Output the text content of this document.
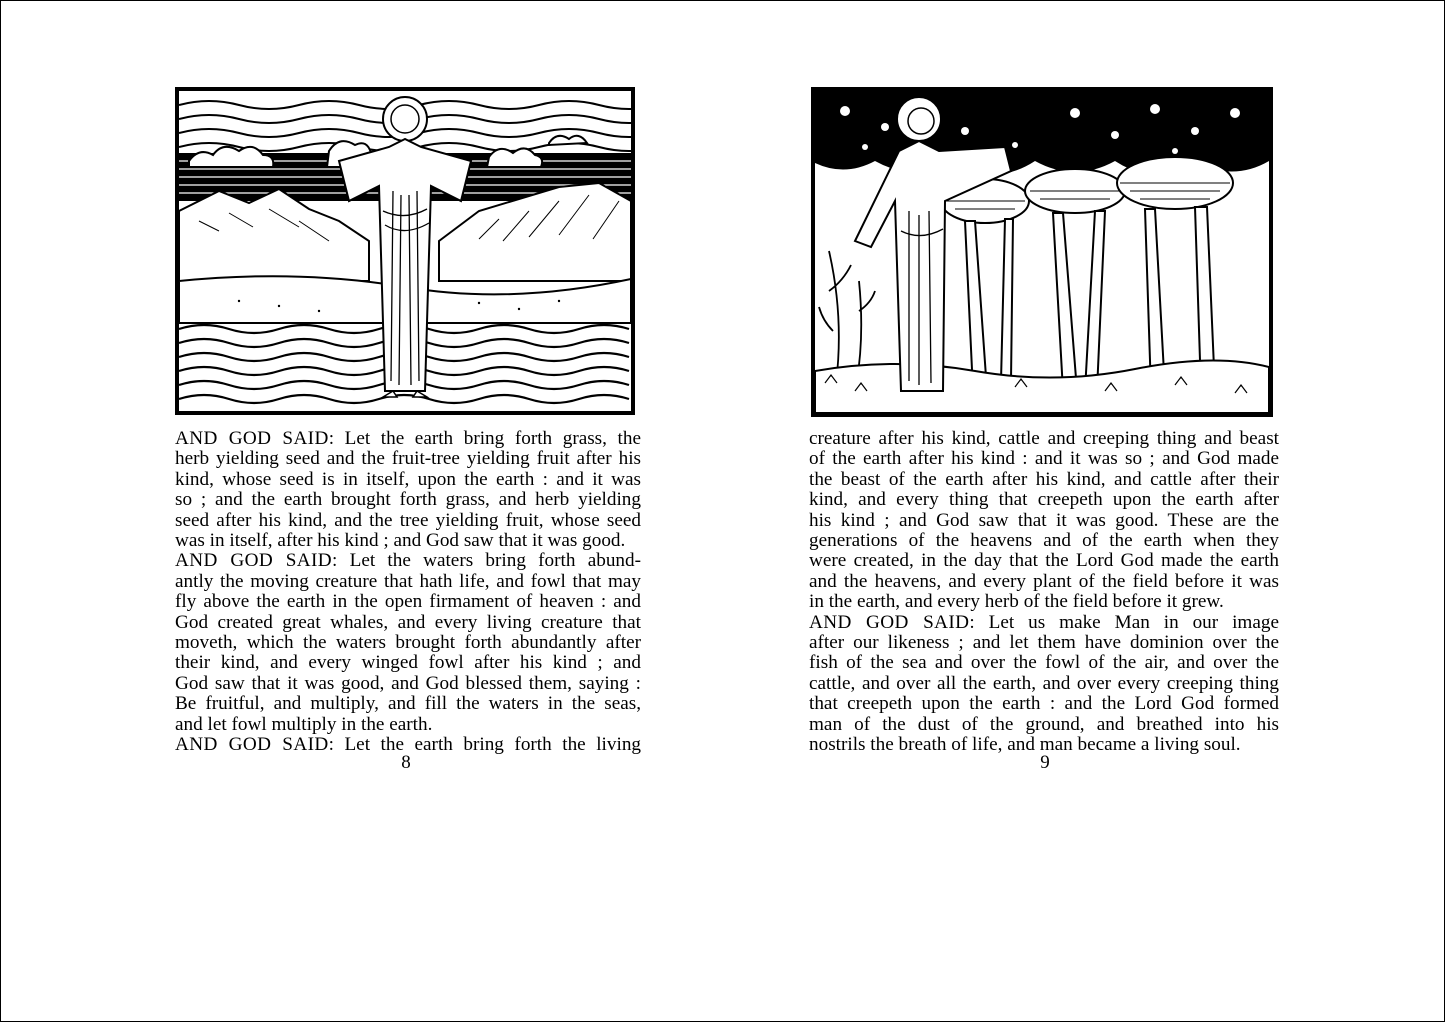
AND GOD SAID: Let the earth bring forth grass, the
herb yielding seed and the fruit-tree yielding fruit after his
kind, whose seed is in itself, upon the earth : and it was
so ; and the earth brought forth grass, and herb yielding
seed after his kind, and the tree yielding fruit, whose seed
was in itself, after his kind ; and God saw that it was good.
AND GOD SAID: Let the waters bring forth abund-
antly the moving creature that hath life, and fowl that may
fly above the earth in the open firmament of heaven : and
God created great whales, and every living creature that
moveth, which the waters brought forth abundantly after
their kind, and every winged fowl after his kind ; and
God saw that it was good, and God blessed them, saying :
Be fruitful, and multiply, and fill the waters in the seas,
and let fowl multiply in the earth.
AND GOD SAID: Let the earth bring forth the living
8
creature after his kind, cattle and creeping thing and beast
of the earth after his kind : and it was so ; and God made
the beast of the earth after his kind, and cattle after their
kind, and every thing that creepeth upon the earth after
his kind ; and God saw that it was good. These are the
generations of the heavens and of the earth when they
were created, in the day that the Lord God made the earth
and the heavens, and every plant of the field before it was
in the earth, and every herb of the field before it grew.
AND GOD SAID: Let us make Man in our image
after our likeness ; and let them have dominion over the
fish of the sea and over the fowl of the air, and over the
cattle, and over all the earth, and over every creeping thing
that creepeth upon the earth : and the Lord God formed
man of the dust of the ground, and breathed into his
nostrils the breath of life, and man became a living soul.
9
